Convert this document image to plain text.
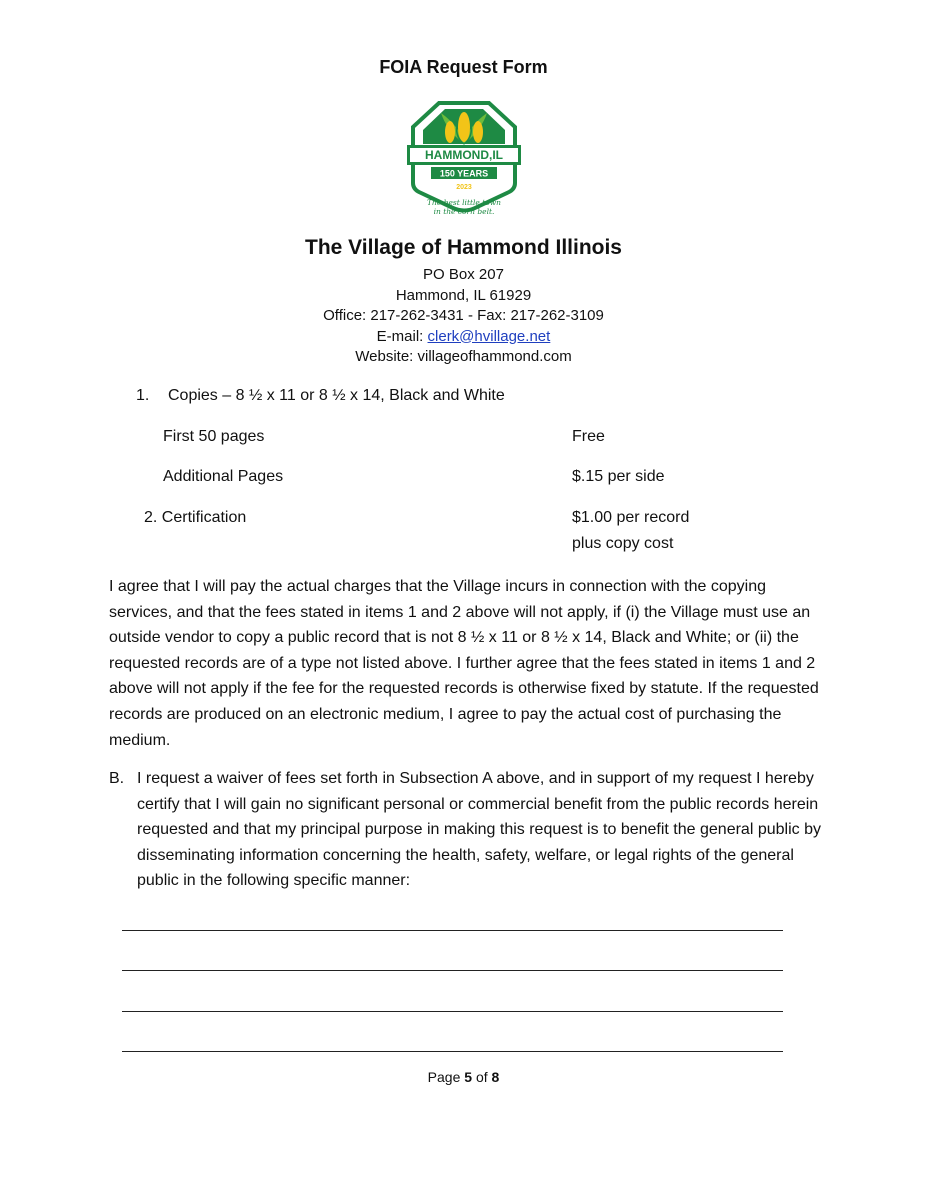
FOIA Request Form
HAMMOND,IL
150 YEARS
2023
The best little town
in the corn belt.
The Village of Hammond Illinois
PO Box 207
Hammond, IL 61929
Office: 217-262-3431 - Fax: 217-262-3109
E-mail: clerk@hvillage.net
Website: villageofhammond.com
1. Copies – 8 ½ x 11 or 8 ½ x 14, Black and White
First 50 pages	Free
Additional Pages	$.15 per side
2. Certification	$1.00 per record
plus copy cost
I agree that I will pay the actual charges that the Village incurs in connection with the copying services, and that the fees stated in items 1 and 2 above will not apply, if (i) the Village must use an outside vendor to copy a public record that is not 8 ½ x 11 or 8 ½ x 14, Black and White; or (ii) the requested records are of a type not listed above. I further agree that the fees stated in items 1 and 2 above will not apply if the fee for the requested records is otherwise fixed by statute. If the requested records are produced on an electronic medium, I agree to pay the actual cost of purchasing the medium.
B. I request a waiver of fees set forth in Subsection A above, and in support of my request I hereby certify that I will gain no significant personal or commercial benefit from the public records herein requested and that my principal purpose in making this request is to benefit the general public by disseminating information concerning the health, safety, welfare, or legal rights of the general public in the following specific manner:
Page 5 of 8
